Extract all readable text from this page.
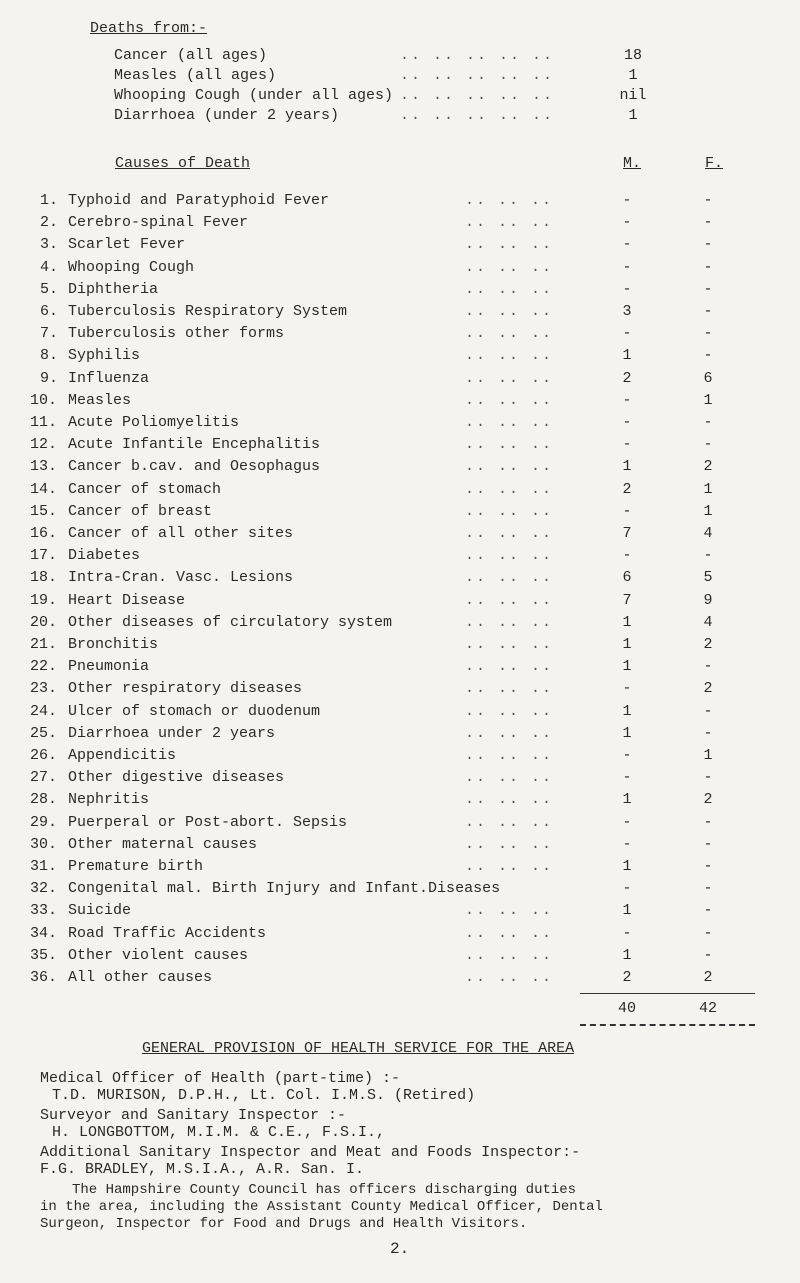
Deaths from:-
Cancer (all ages)	.. .. .. .. ..	18
Measles (all ages)	.. .. .. .. ..	1
Whooping Cough (under all ages) .. .. .. .. ..	nil
Diarrhoea (under 2 years)	.. .. .. .. ..	1
Causes of Death	M.	F.
1. Typhoid and Paratyphoid Fever	.. .. ..	-	-
2. Cerebro-spinal Fever	.. .. ..	-	-
3. Scarlet Fever	.. .. ..	-	-
4. Whooping Cough	.. .. ..	-	-
5. Diphtheria	.. .. ..	-	-
6. Tuberculosis Respiratory System	.. .. ..	3	-
7. Tuberculosis other forms	.. .. ..	-	-
8. Syphilis	.. .. ..	1	-
9. Influenza	.. .. ..	2	6
10. Measles	.. .. ..	-	1
11. Acute Poliomyelitis	.. .. ..	-	-
12. Acute Infantile Encephalitis	.. .. ..	-	-
13. Cancer b.cav. and Oesophagus	.. .. ..	1	2
14. Cancer of stomach	.. .. ..	2	1
15. Cancer of breast	.. .. ..	-	1
16. Cancer of all other sites	.. .. ..	7	4
17. Diabetes	.. .. ..	-	-
18. Intra-Cran. Vasc. Lesions	.. .. ..	6	5
19. Heart Disease	.. .. ..	7	9
20. Other diseases of circulatory system	.. .. ..	1	4
21. Bronchitis	.. .. ..	1	2
22. Pneumonia	.. .. ..	1	-
23. Other respiratory diseases	.. .. ..	-	2
24. Ulcer of stomach or duodenum	.. .. ..	1	-
25. Diarrhoea under 2 years	.. .. ..	1	-
26. Appendicitis	.. .. ..	-	1
27. Other digestive diseases	.. .. ..	-	-
28. Nephritis	.. .. ..	1	2
29. Puerperal or Post-abort. Sepsis	.. .. ..	-	-
30. Other maternal causes	.. .. ..	-	-
31. Premature birth	.. .. ..	1	-
32. Congenital mal. Birth Injury and Infant.Diseases	-	-
33. Suicide	.. .. ..	1	-
34. Road Traffic Accidents	.. .. ..	-	-
35. Other violent causes	.. .. ..	1	-
36. All other causes	.. .. ..	2	2
40	42
GENERAL PROVISION OF HEALTH SERVICE FOR THE AREA
Medical Officer of Health (part-time) :-
T.D. MURISON, D.P.H., Lt. Col. I.M.S. (Retired)
Surveyor and Sanitary Inspector :-
H. LONGBOTTOM, M.I.M. & C.E., F.S.I.,
Additional Sanitary Inspector and Meat and Foods Inspector:-
F.G. BRADLEY, M.S.I.A., A.R. San. I.
The Hampshire County Council has officers discharging duties
in the area, including the Assistant County Medical Officer, Dental
Surgeon, Inspector for Food and Drugs and Health Visitors.
2.
